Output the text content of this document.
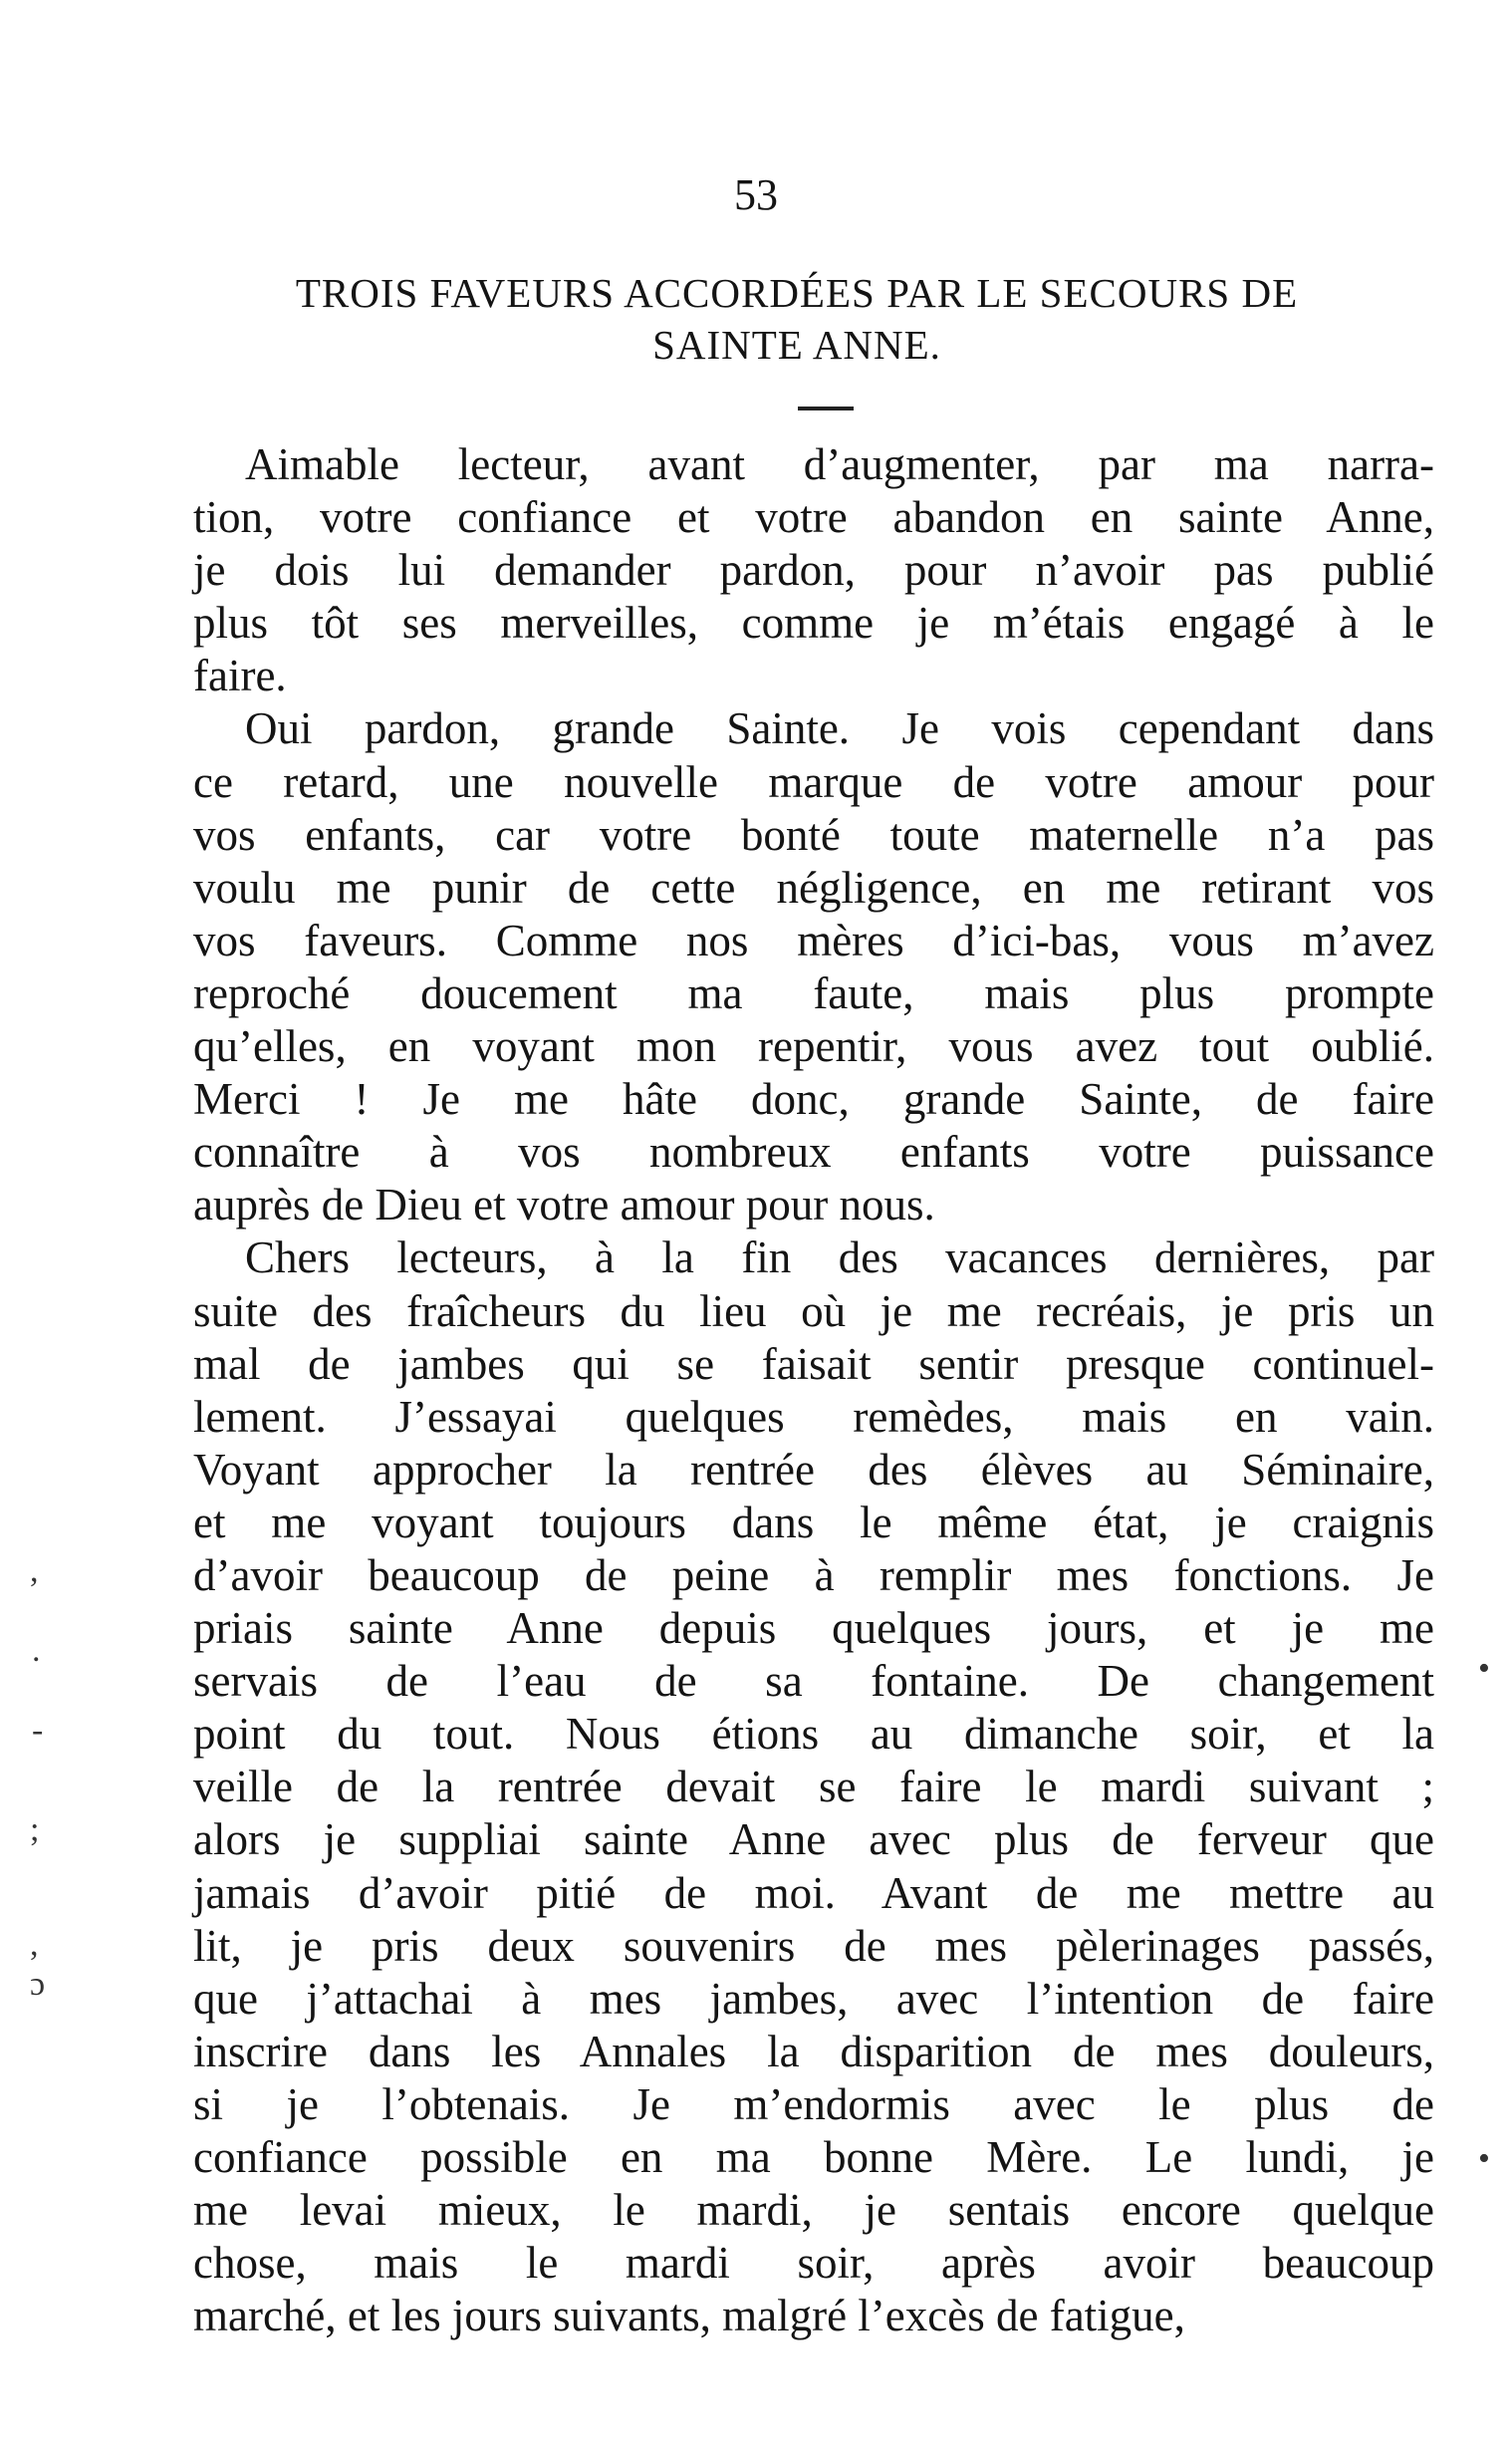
53
TROIS FAVEURS ACCORDÉES PAR LE SECOURS DE
SAINTE ANNE.

Aimable lecteur, avant d’augmenter, par ma narra-
tion, votre confiance et votre abandon en sainte Anne,
je dois lui demander pardon, pour n’avoir pas publié
plus tôt ses merveilles, comme je m’étais engagé à le
faire.

Oui pardon, grande Sainte. Je vois cependant dans
ce retard, une nouvelle marque de votre amour pour
vos enfants, car votre bonté toute maternelle n’a pas
voulu me punir de cette négligence, en me retirant vos
vos faveurs. Comme nos mères d’ici-bas, vous m’avez
reproché doucement ma faute, mais plus prompte
qu’elles, en voyant mon repentir, vous avez tout oublié.
Merci ! Je me hâte donc, grande Sainte, de faire
connaître à vos nombreux enfants votre puissance
auprès de Dieu et votre amour pour nous.

Chers lecteurs, à la fin des vacances dernières, par
suite des fraîcheurs du lieu où je me recréais, je pris un
mal de jambes qui se faisait sentir presque continuel-
lement. J’essayai quelques remèdes, mais en vain.
Voyant approcher la rentrée des élèves au Séminaire,
et me voyant toujours dans le même état, je craignis
d’avoir beaucoup de peine à remplir mes fonctions. Je
priais sainte Anne depuis quelques jours, et je me
servais de l’eau de sa fontaine. De changement
point du tout. Nous étions au dimanche soir, et la
veille de la rentrée devait se faire le mardi suivant ;
alors je suppliai sainte Anne avec plus de ferveur que
jamais d’avoir pitié de moi. Avant de me mettre au
lit, je pris deux souvenirs de mes pèlerinages passés,
que j’attachai à mes jambes, avec l’intention de faire
inscrire dans les Annales la disparition de mes douleurs,
si je l’obtenais. Je m’endormis avec le plus de
confiance possible en ma bonne Mère. Le lundi, je
me levai mieux, le mardi, je sentais encore quelque
chose, mais le mardi soir, après avoir beaucoup
marché, et les jours suivants, malgré l’excès de fatigue,

,
.
-
;
,
ɔ
•
•
